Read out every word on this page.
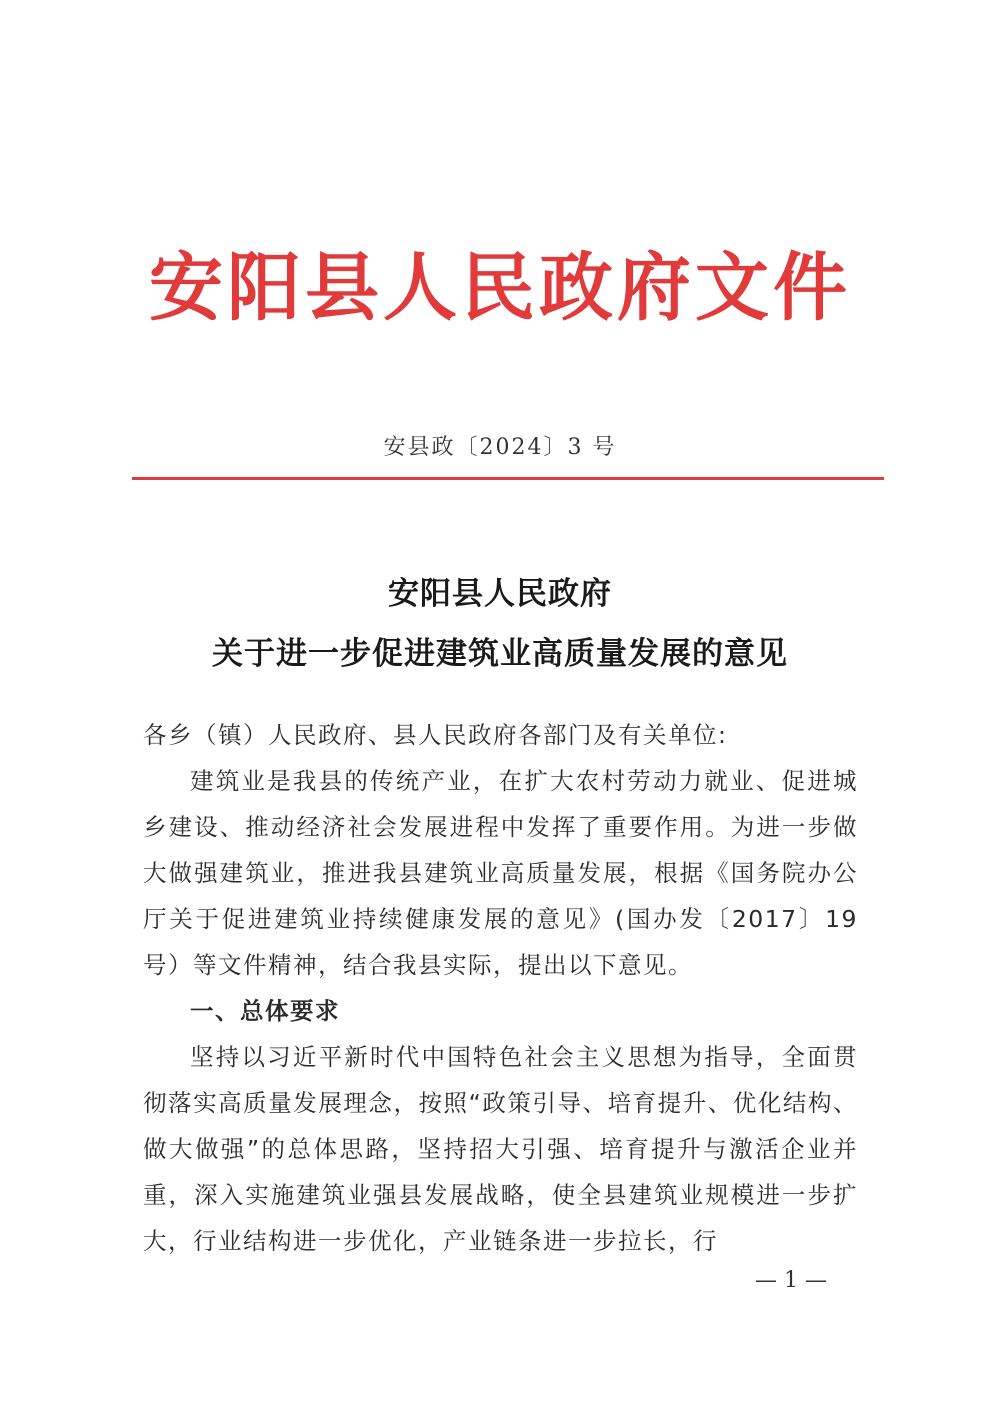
安阳县人民政府文件
安县政〔2024〕3 号
安阳县人民政府
关于进一步促进建筑业高质量发展的意见

各乡（镇）人民政府、县人民政府各部门及有关单位:

建筑业是我县的传统产业，在扩大农村劳动力就业、促进城乡建设、推动经济社会发展进程中发挥了重要作用。为进一步做大做强建筑业，推进我县建筑业高质量发展，根据《国务院办公厅关于促进建筑业持续健康发展的意见》(国办发〔2017〕19 号）等文件精神，结合我县实际，提出以下意见。

一、总体要求

坚持以习近平新时代中国特色社会主义思想为指导，全面贯彻落实高质量发展理念，按照“政策引导、培育提升、优化结构、做大做强”的总体思路，坚持招大引强、培育提升与激活企业并重，深入实施建筑业强县发展战略，使全县建筑业规模进一步扩大，行业结构进一步优化，产业链条进一步拉长，行

— 1 —
